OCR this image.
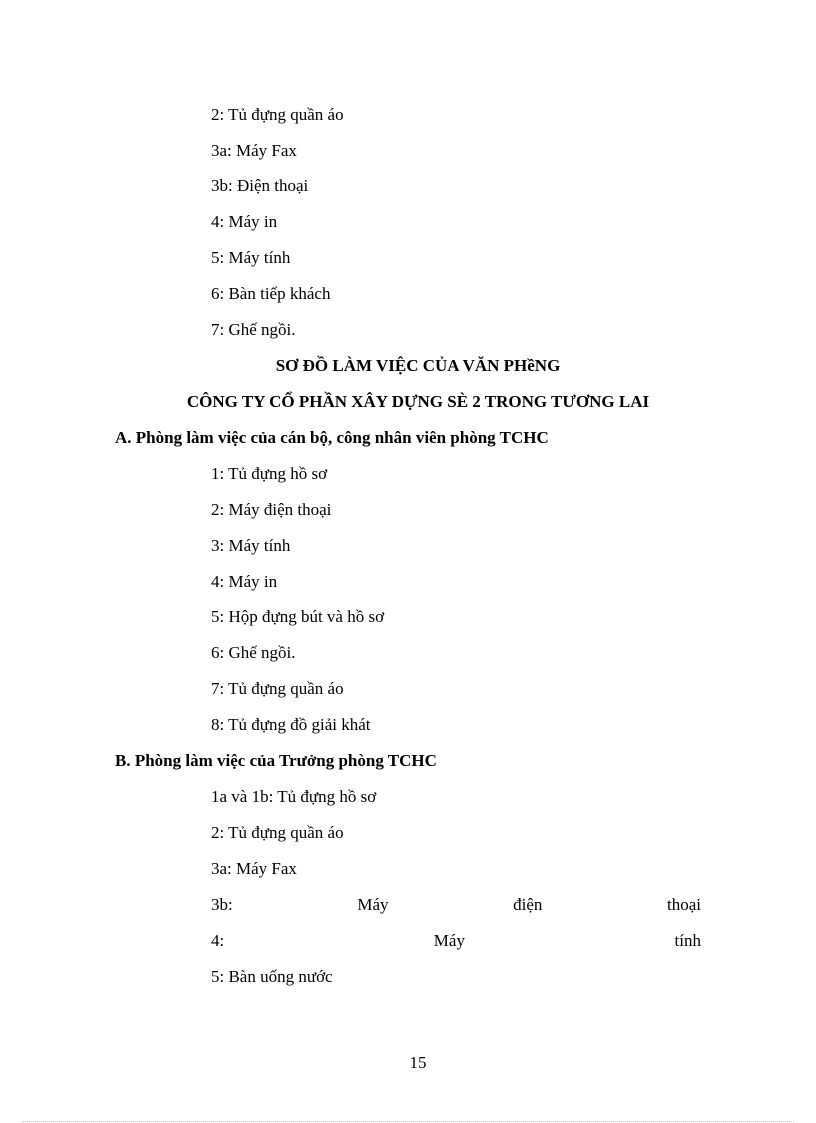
2: Tủ đựng quần áo
3a: Máy Fax
3b: Điện thoại
4: Máy in
5: Máy tính
6: Bàn tiếp khách
7: Ghế ngồi.
SƠ ĐỒ LÀM VIỆC CỦA VĂN PHềNG
CÔNG TY CỔ PHẦN XÂY DỰNG SÈ 2 TRONG TƯƠNG LAI
A. Phòng làm việc của cán bộ, công nhân viên phòng TCHC
1: Tủ đựng hồ sơ
2: Máy điện thoại
3: Máy tính
4: Máy in
5: Hộp đựng bút và hồ sơ
6: Ghế ngồi.
7: Tủ đựng quần áo
8: Tủ đựng đồ giải khát
B. Phòng làm việc của Trưởng phòng TCHC
1a và 1b: Tủ đựng hồ sơ
2: Tủ đựng quần áo
3a: Máy Fax
3b:	Máy	điện	thoại
4:	Máy	tính
5: Bàn uống nước
15
